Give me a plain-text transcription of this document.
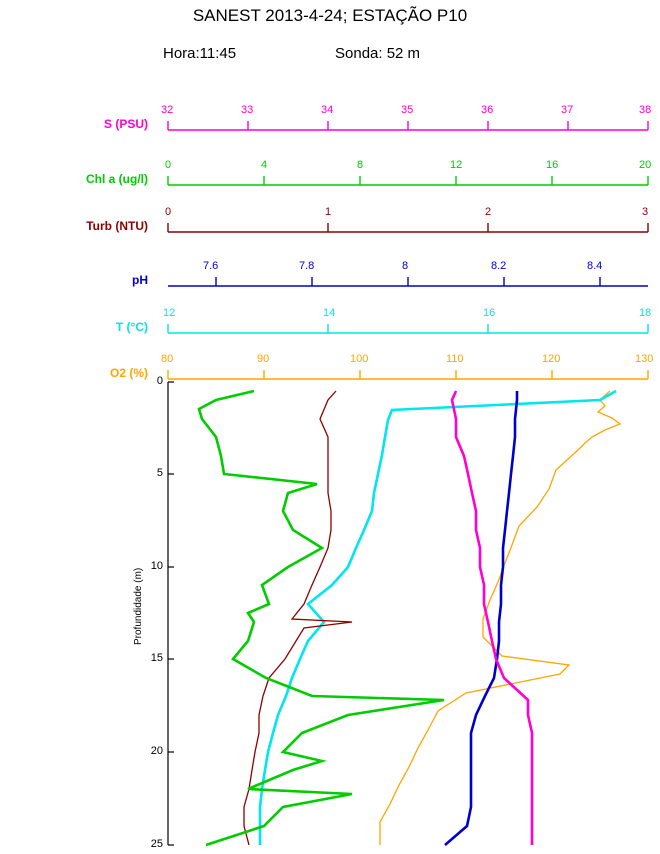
SANEST 2013-4-24; ESTAÇÃO P10
Hora:11:45	Sonda: 52 m
S (PSU)
Chl a (ug/l)
Turb (NTU)
pH
T (°C)
O2 (%)
Profundidade (m)
32	33	34	35	36	37	38
0	4	8	12	16	20
0	1	2	3
7.6	7.8	8	8.2	8.4
12	14	16	18
80	90	100	110	120	130
0
5
10
15
20
25
